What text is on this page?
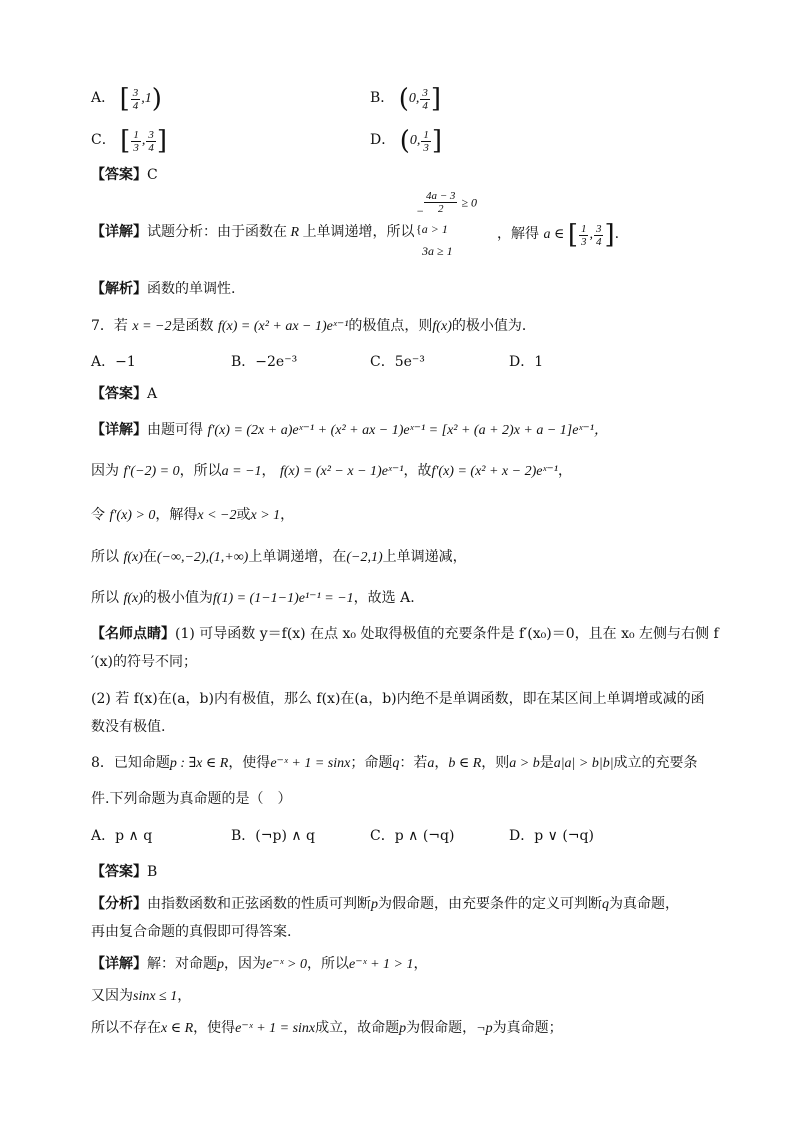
A． [ $\frac{3}{4} ,1$)	B． (0, $\frac{3}{4}$ ]
C． [ $\frac{1}{3}$ , $\frac{3}{4}$ ]	D． (0, $\frac{1}{3}$ ]
【答案】C
【详解】试题分析：由于函数在 R 上单调递增，所以
− $\frac{4a - 3}{2} \ge 0$
{a > 1
3a ≥ 1
，解得 a ∈ [ $\frac{1}{3}$ , $\frac{3}{4}$ ].
【解析】函数的单调性.
7．若 x = −2是函数 f(x) = (x² + ax − 1)eˣ⁻¹的极值点，则f(x)的极小值为．
A．−1	B．−2e⁻³	C．5e⁻³	D．1
【答案】A
【详解】由题可得 f′(x) = (2x + a)eˣ⁻¹ + (x² + ax − 1)eˣ⁻¹ = [x² + (a + 2)x + a − 1]eˣ⁻¹，
因为 f′(−2) = 0，所以a = −1， f(x) = (x² − x − 1)eˣ⁻¹，故f′(x) = (x² + x − 2)eˣ⁻¹，
令 f′(x) > 0，解得x < −2或x > 1，
所以 f(x)在(−∞,−2),(1,+∞)上单调递增，在(−2,1)上单调递减，
所以 f(x)的极小值为f(1) = (1−1−1)e¹⁻¹ = −1，故选 A.
【名师点睛】(1) 可导函数 y＝f(x) 在点 x₀ 处取得极值的充要条件是 f′(x₀)＝0，且在 x₀ 左侧与右侧 f
′(x)的符号不同；
(2) 若 f(x)在(a，b)内有极值，那么 f(x)在(a，b)内绝不是单调函数，即在某区间上单调增或减的函
数没有极值.
8．已知命题p : ∃x ∈ R，使得e⁻ˣ + 1 = sinx；命题q：若a，b ∈ R，则a > b是a|a| > b|b|成立的充要条
件.下列命题为真命题的是（　）
A．p ∧ q	B．(¬p) ∧ q	C．p ∧ (¬q)	D．p ∨ (¬q)
【答案】B
【分析】由指数函数和正弦函数的性质可判断p为假命题，由充要条件的定义可判断q为真命题，
再由复合命题的真假即可得答案.
【详解】解：对命题p，因为e⁻ˣ > 0，所以e⁻ˣ + 1 > 1，
又因为sinx ≤ 1，
所以不存在x ∈ R，使得e⁻ˣ + 1 = sinx成立，故命题p为假命题，¬p为真命题；
